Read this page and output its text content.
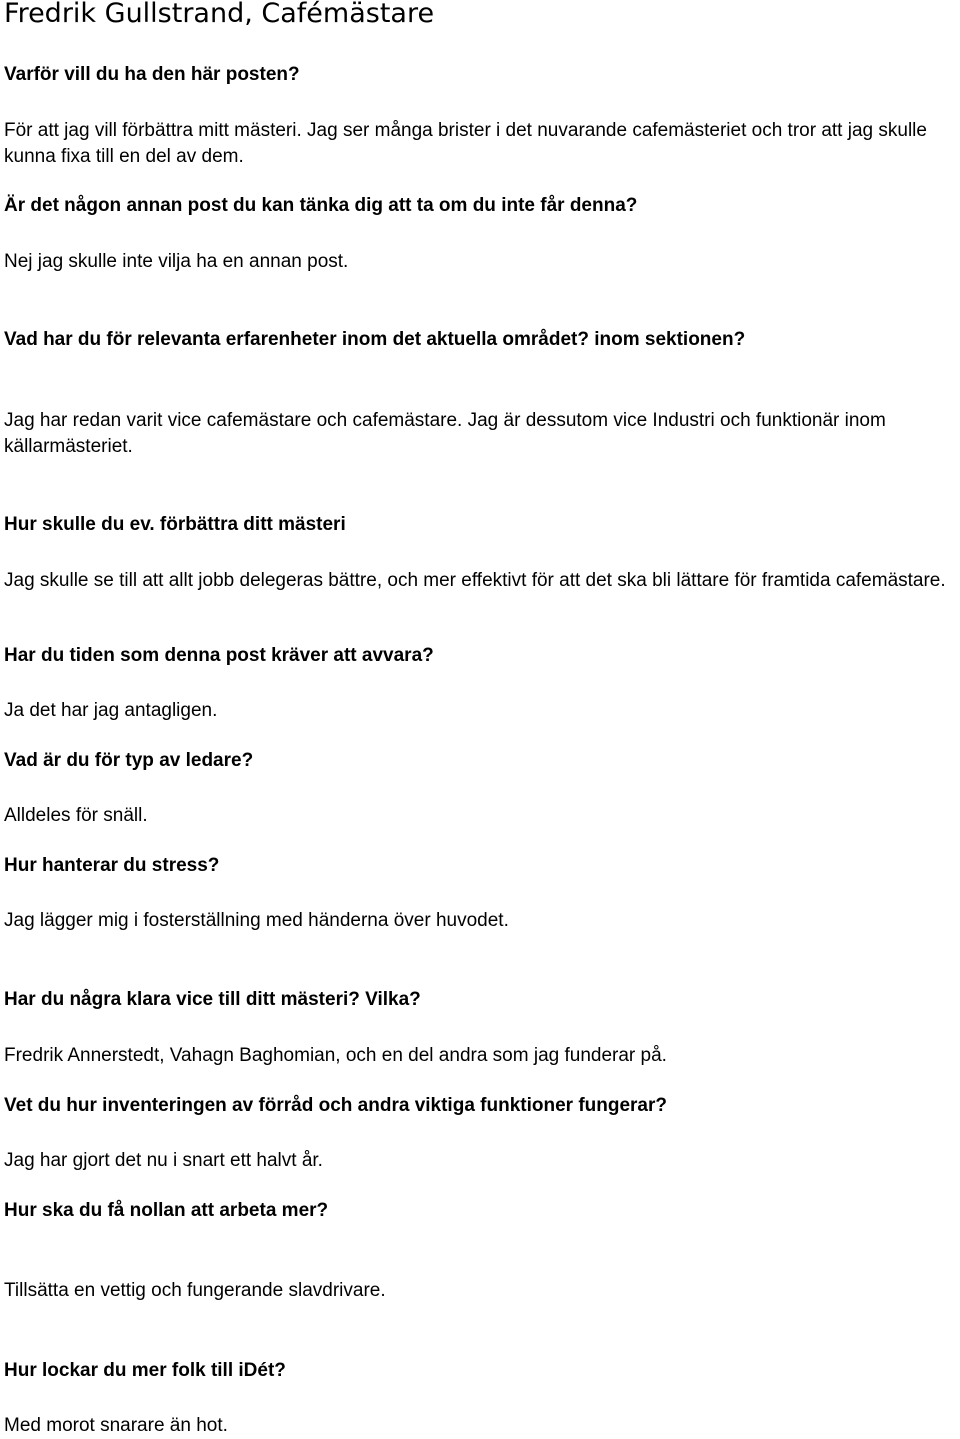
Fredrik Gullstrand, Cafémästare

Varför vill du ha den här posten?

För att jag vill förbättra mitt mästeri. Jag ser många brister i det nuvarande cafemästeriet och tror att jag skulle kunna fixa till en del av dem.

Är det någon annan post du kan tänka dig att ta om du inte får denna?

Nej jag skulle inte vilja ha en annan post.

Vad har du för relevanta erfarenheter inom det aktuella området? inom sektionen?

Jag har redan varit vice cafemästare och cafemästare. Jag är dessutom vice Industri och funktionär inom källarmästeriet.

Hur skulle du ev. förbättra ditt mästeri

Jag skulle se till att allt jobb delegeras bättre, och mer effektivt för att det ska bli lättare för framtida cafemästare.

Har du tiden som denna post kräver att avvara?

Ja det har jag antagligen.

Vad är du för typ av ledare?

Alldeles för snäll.

Hur hanterar du stress?

Jag lägger mig i fosterställning med händerna över huvodet.

Har du några klara vice till ditt mästeri? Vilka?

Fredrik Annerstedt, Vahagn Baghomian, och en del andra som jag funderar på.

Vet du hur inventeringen av förråd och andra viktiga funktioner fungerar?

Jag har gjort det nu i snart ett halvt år.

Hur ska du få nollan att arbeta mer?

Tillsätta en vettig och fungerande slavdrivare.

Hur lockar du mer folk till iDét?

Med morot snarare än hot.
